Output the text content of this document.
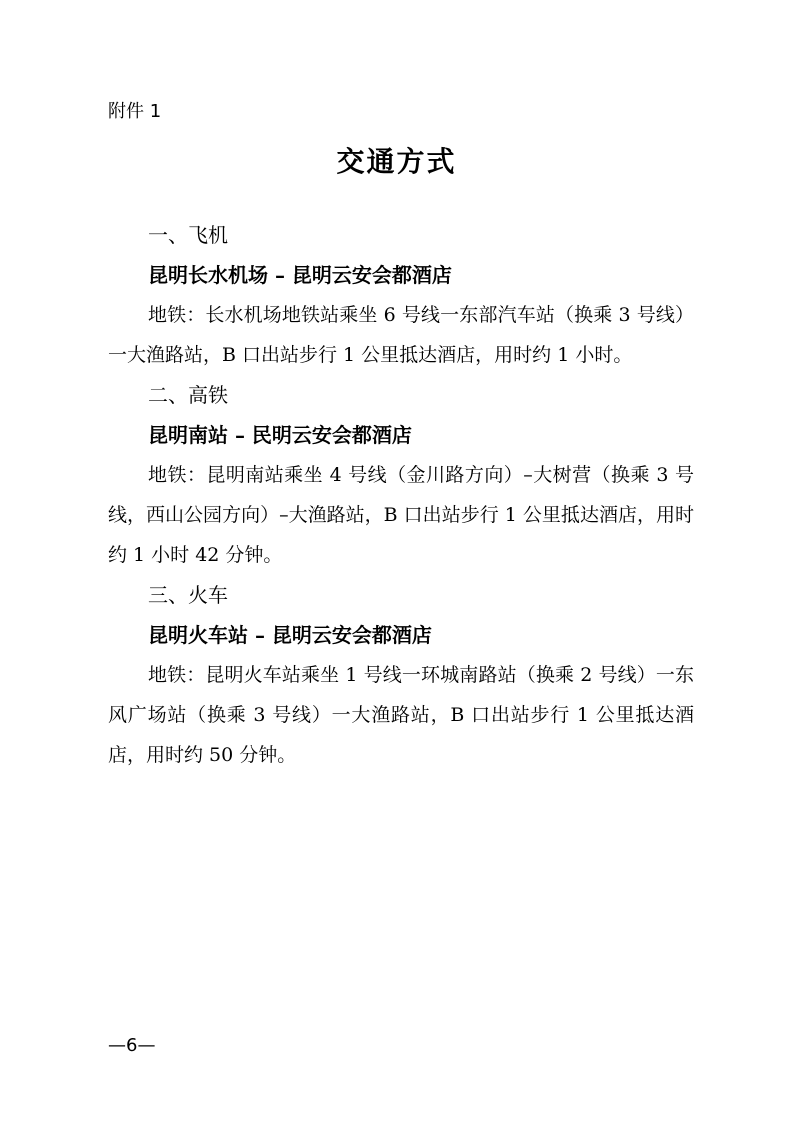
附件 1
交通方式

一、飞机

昆明长水机场 – 昆明云安会都酒店

地铁：长水机场地铁站乘坐 6 号线一东部汽车站（换乘 3 号线）一大渔路站，B 口出站步行 1 公里抵达酒店，用时约 1 小时。

二、高铁

昆明南站 – 民明云安会都酒店

地铁：昆明南站乘坐 4 号线（金川路方向）–大树营（换乘 3 号线，西山公园方向）–大渔路站，B 口出站步行 1 公里抵达酒店，用时约 1 小时 42 分钟。

三、火车

昆明火车站 – 昆明云安会都酒店

地铁：昆明火车站乘坐 1 号线一环城南路站（换乘 2 号线）一东风广场站（换乘 3 号线）一大渔路站，B 口出站步行 1 公里抵达酒店，用时约 50 分钟。

—6—
